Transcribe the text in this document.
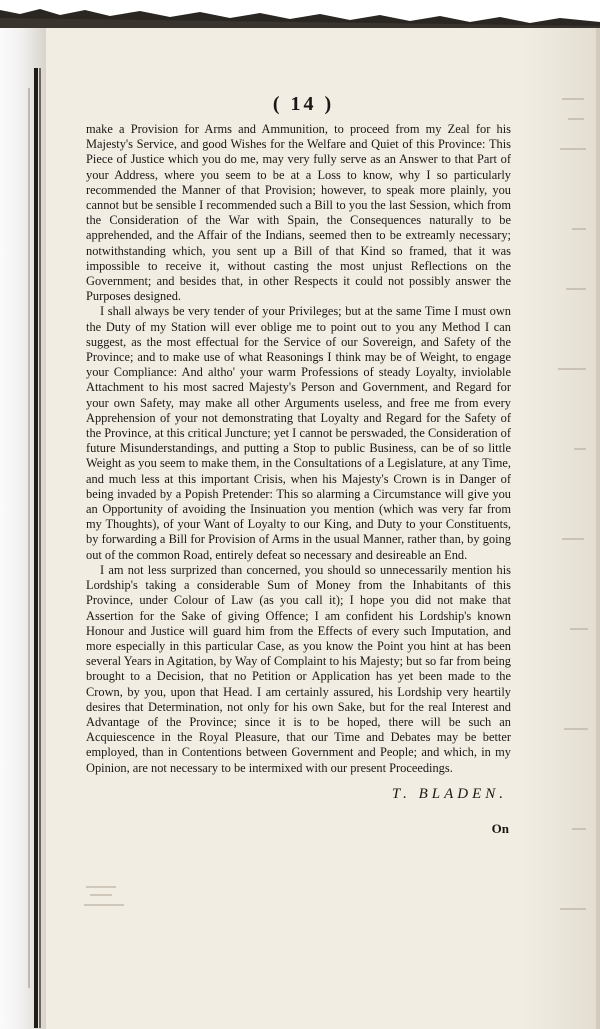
( 14 )

make a Provision for Arms and Ammunition, to proceed from my Zeal for his Majesty's Service, and good Wishes for the Welfare and Quiet of this Province: This Piece of Justice which you do me, may very fully serve as an Answer to that Part of your Address, where you seem to be at a Loss to know, why I so particularly recommended the Manner of that Provision; however, to speak more plainly, you cannot but be sensible I recommended such a Bill to you the last Session, which from the Consideration of the War with Spain, the Consequences naturally to be apprehended, and the Affair of the Indians, seemed then to be extreamly necessary; notwithstanding which, you sent up a Bill of that Kind so framed, that it was impossible to receive it, without casting the most unjust Reflections on the Government; and besides that, in other Respects it could not possibly answer the Purposes designed.

I shall always be very tender of your Privileges; but at the same Time I must own the Duty of my Station will ever oblige me to point out to you any Method I can suggest, as the most effectual for the Service of our Sovereign, and Safety of the Province; and to make use of what Reasonings I think may be of Weight, to engage your Compliance: And altho' your warm Professions of steady Loyalty, inviolable Attachment to his most sacred Majesty's Person and Government, and Regard for your own Safety, may make all other Arguments useless, and free me from every Apprehension of your not demonstrating that Loyalty and Regard for the Safety of the Province, at this critical Juncture; yet I cannot be perswaded, the Consideration of future Misunderstandings, and putting a Stop to public Business, can be of so little Weight as you seem to make them, in the Consultations of a Legislature, at any Time, and much less at this important Crisis, when his Majesty's Crown is in Danger of being invaded by a Popish Pretender: This so alarming a Circumstance will give you an Opportunity of avoiding the Insinuation you mention (which was very far from my Thoughts), of your Want of Loyalty to our King, and Duty to your Constituents, by forwarding a Bill for Provision of Arms in the usual Manner, rather than, by going out of the common Road, entirely defeat so necessary and desireable an End.

I am not less surprized than concerned, you should so unnecessarily mention his Lordship's taking a considerable Sum of Money from the Inhabitants of this Province, under Colour of Law (as you call it); I hope you did not make that Assertion for the Sake of giving Offence; I am confident his Lordship's known Honour and Justice will guard him from the Effects of every such Imputation, and more especially in this particular Case, as you know the Point you hint at has been several Years in Agitation, by Way of Complaint to his Majesty; but so far from being brought to a Decision, that no Petition or Application has yet been made to the Crown, by you, upon that Head. I am certainly assured, his Lordship very heartily desires that Determination, not only for his own Sake, but for the real Interest and Advantage of the Province; since it is to be hoped, there will be such an Acquiescence in the Royal Pleasure, that our Time and Debates may be better employed, than in Contentions between Government and People; and which, in my Opinion, are not necessary to be intermixed with our present Proceedings.

T. BLADEN.
On
